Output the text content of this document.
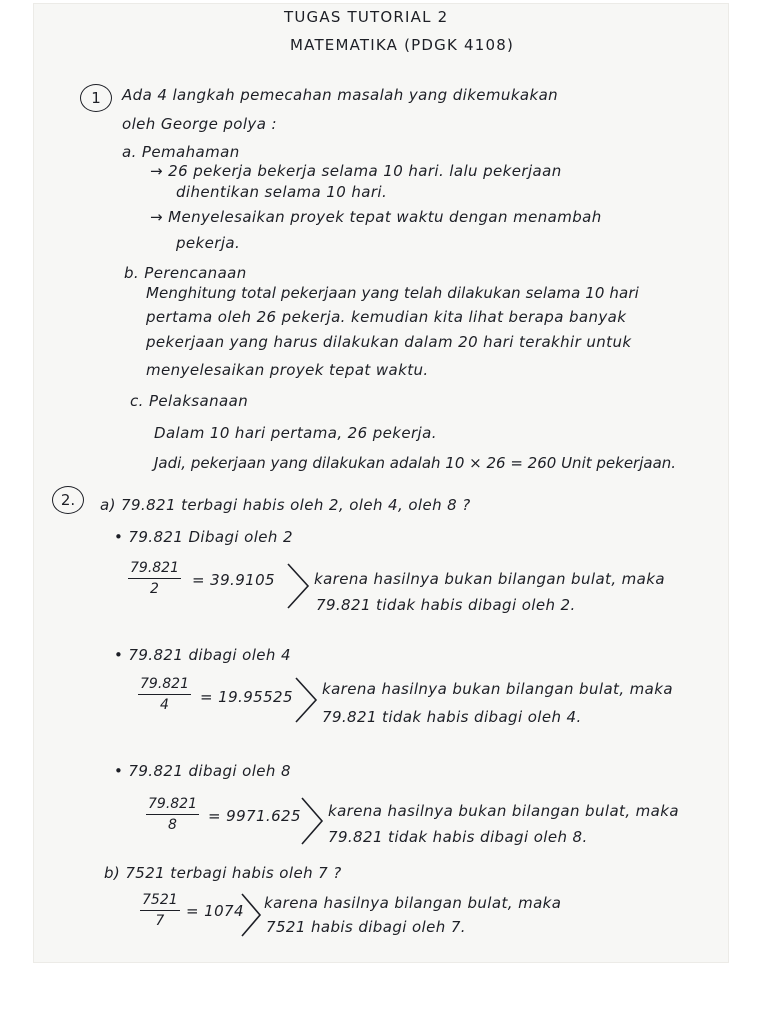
TUGAS TUTORIAL 2
MATEMATIKA (PDGK 4108)
1	Ada 4 langkah pemecahan masalah yang dikemukakan
oleh George polya :
a. Pemahaman
→ 26 pekerja bekerja selama 10 hari. lalu pekerjaan
dihentikan selama 10 hari.
→ Menyelesaikan proyek tepat waktu dengan menambah
pekerja.
b. Perencanaan
Menghitung total pekerjaan yang telah dilakukan selama 10 hari
pertama oleh 26 pekerja. kemudian kita lihat berapa banyak
pekerjaan yang harus dilakukan dalam 20 hari terakhir untuk
menyelesaikan proyek tepat waktu.
c. Pelaksanaan
Dalam 10 hari pertama, 26 pekerja.
Jadi, pekerjaan yang dilakukan adalah 10 × 26 = 260 Unit pekerjaan.
2.	a) 79.821 terbagi habis oleh 2, oleh 4, oleh 8 ?
• 79.821 Dibagi oleh 2
$\frac{79.821}{2} = 39.9105$	karena hasilnya bukan bilangan bulat, maka
79.821 tidak habis dibagi oleh 2.
• 79.821 dibagi oleh 4
$\frac{79.821}{4} = 19.95525$ karena hasilnya bukan bilangan bulat, maka
79.821 tidak habis dibagi oleh 4.
• 79.821 dibagi oleh 8
$\frac{79.821}{8} = 9971.625$ karena hasilnya bukan bilangan bulat, maka
79.821 tidak habis dibagi oleh 8.
b) 7521 terbagi habis oleh 7 ?
$\frac{7521}{7} = 1074$ karena hasilnya bilangan bulat, maka
7521 habis dibagi oleh 7.
